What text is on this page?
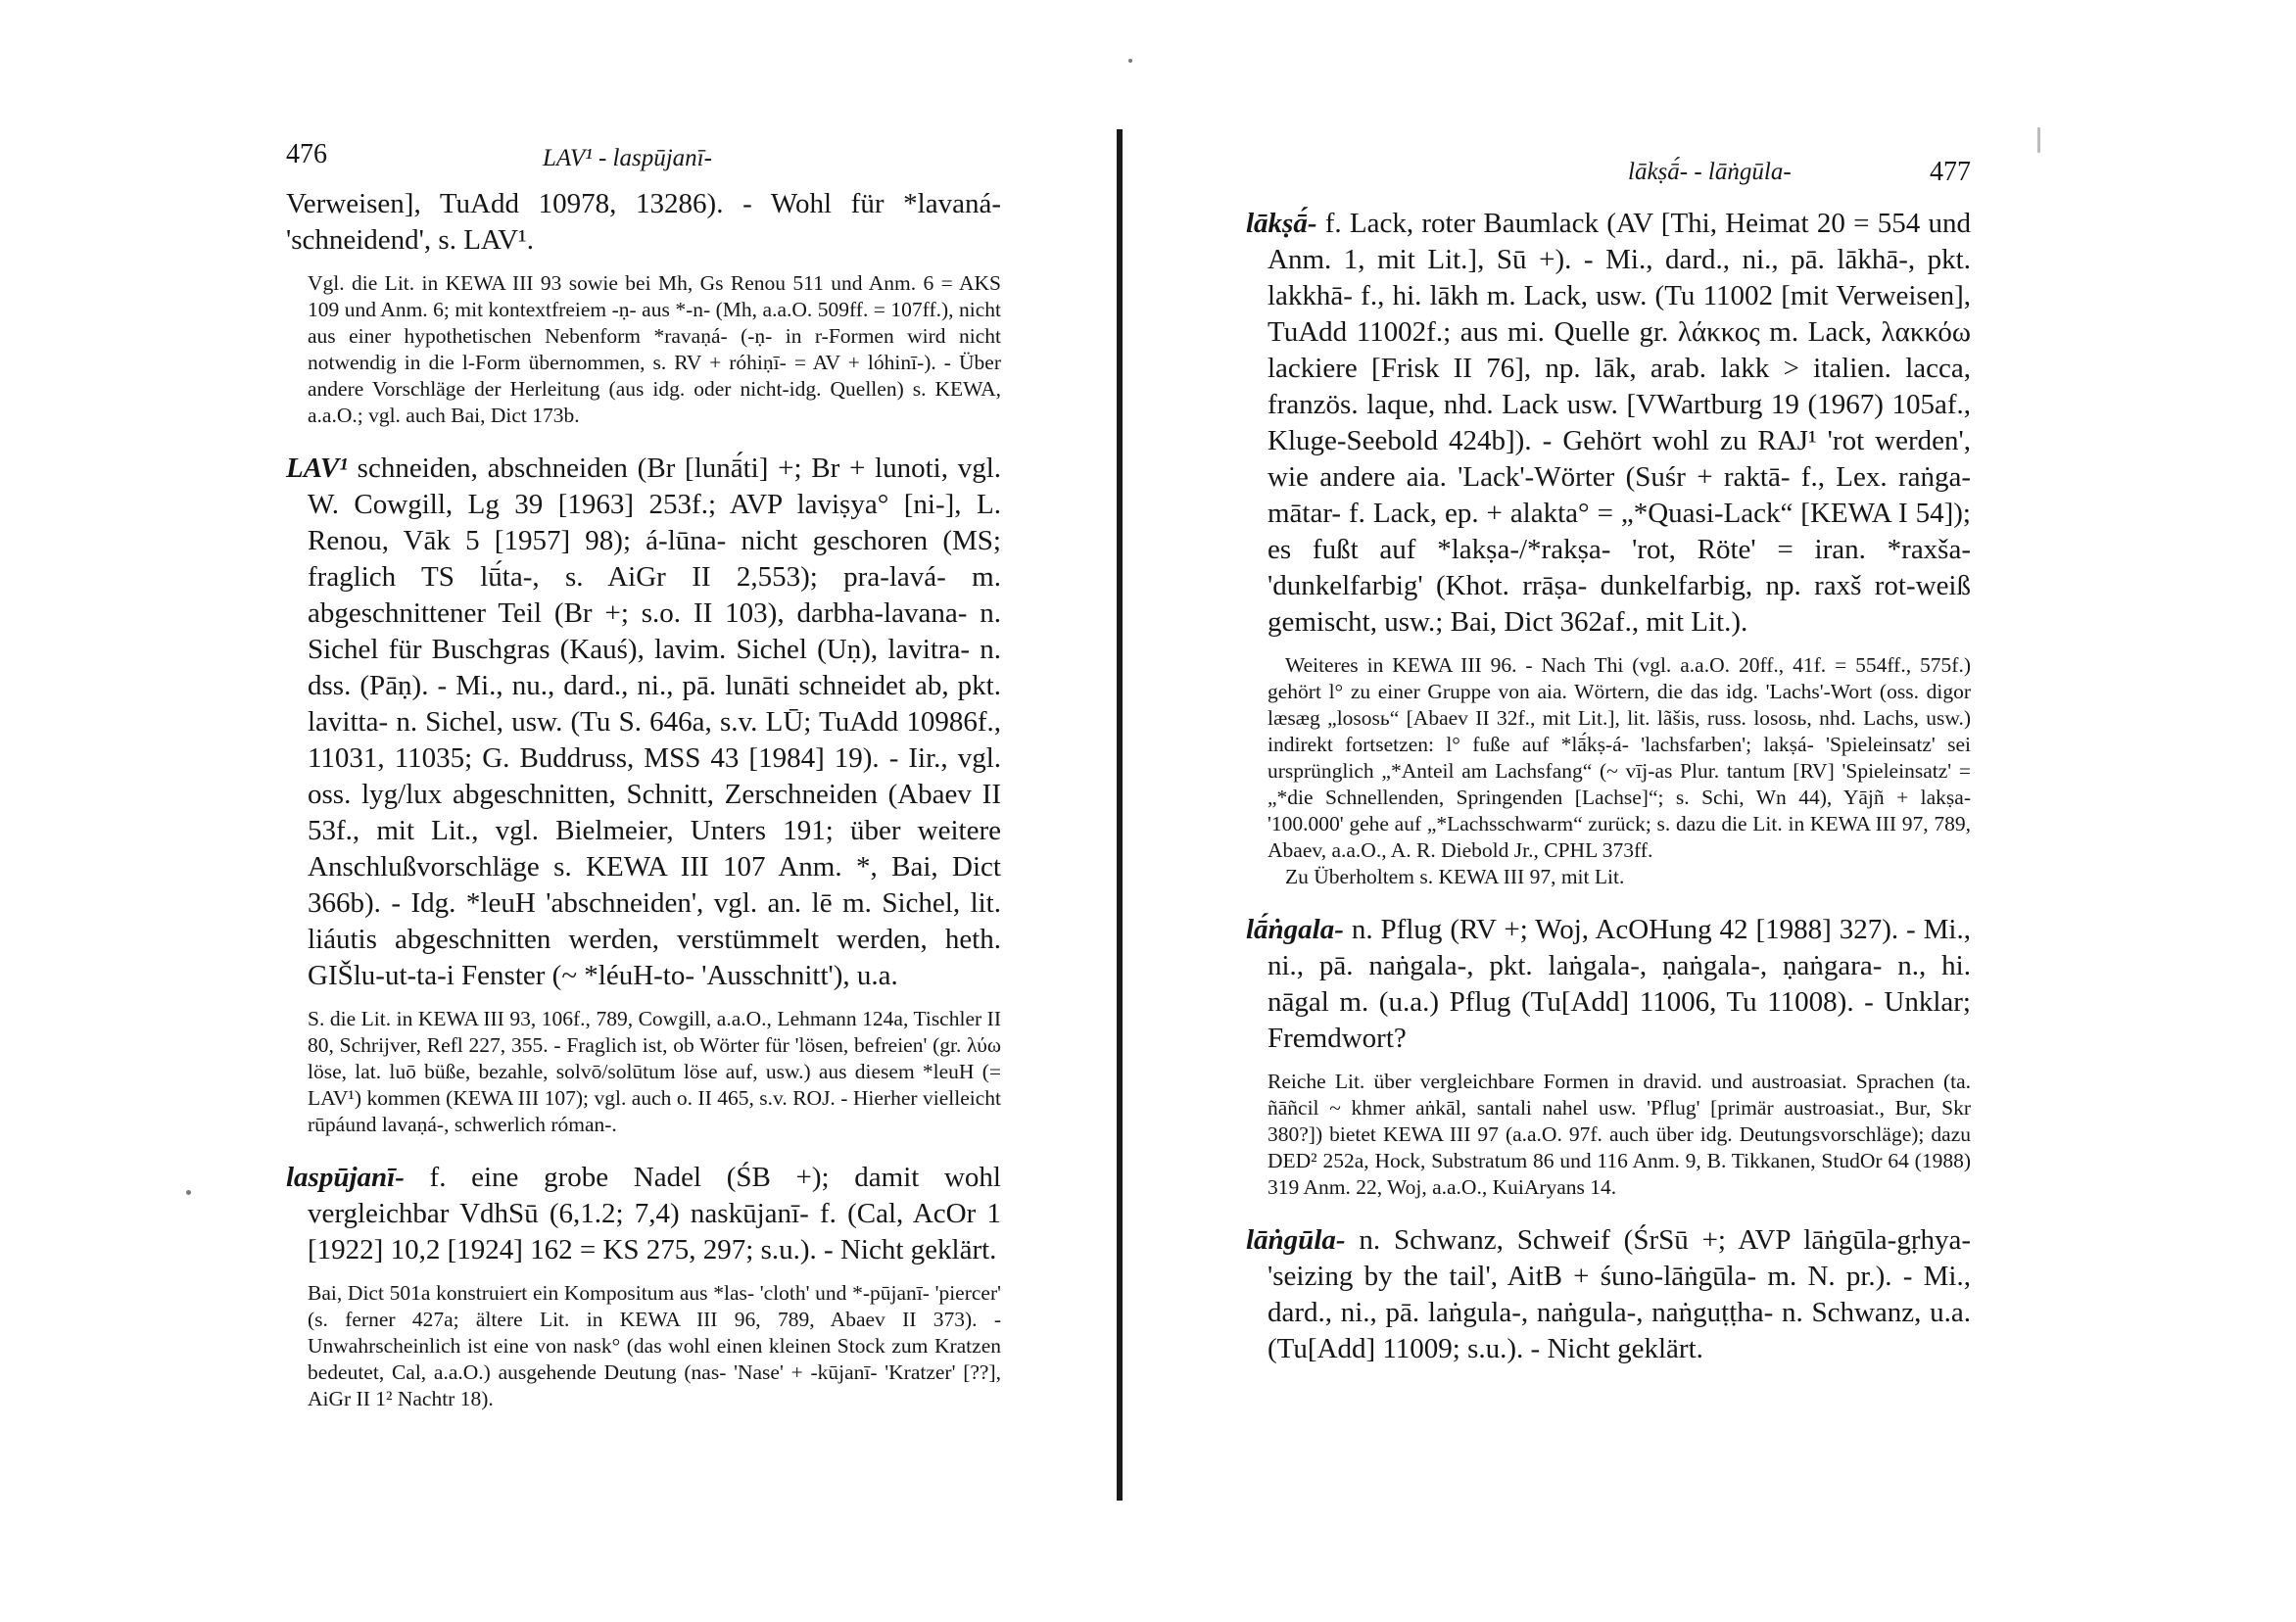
476	LAV¹ - laspūjanī-

Verweisen], TuAdd 10978, 13286). - Wohl für *lavaná- 'schneidend', s. LAV¹.

Vgl. die Lit. in KEWA III 93 sowie bei Mh, Gs Renou 511 und Anm. 6 = AKS 109 und Anm. 6; mit kontextfreiem -ṇ- aus *-n- (Mh, a.a.O. 509ff. = 107ff.), nicht aus einer hypothetischen Nebenform *ravaṇá- (-ṇ- in r-Formen wird nicht notwendig in die l-Form übernommen, s. RV + róhiṇī- = AV + lóhinī-). - Über andere Vorschläge der Herleitung (aus idg. oder nicht-idg. Quellen) s. KEWA, a.a.O.; vgl. auch Bai, Dict 173b.

LAV¹ schneiden, abschneiden (Br [lunā́ti] +; Br + lunoti, vgl. W. Cowgill, Lg 39 [1963] 253f.; AVP laviṣya° [ni-], L. Renou, Vāk 5 [1957] 98); á-lūna- nicht geschoren (MS; fraglich TS lū́ta-, s. AiGr II 2,553); pra-lavá- m. abgeschnittener Teil (Br +; s.o. II 103), darbha-lavana- n. Sichel für Buschgras (Kauś), lavim. Sichel (Uṇ), lavitra- n. dss. (Pāṇ). - Mi., nu., dard., ni., pā. lunāti schneidet ab, pkt. lavitta- n. Sichel, usw. (Tu S. 646a, s.v. LŪ; TuAdd 10986f., 11031, 11035; G. Buddruss, MSS 43 [1984] 19). - Iir., vgl. oss. lyg/lux abgeschnitten, Schnitt, Zerschneiden (Abaev II 53f., mit Lit., vgl. Bielmeier, Unters 191; über weitere Anschlußvorschläge s. KEWA III 107 Anm. *, Bai, Dict 366b). - Idg. *leuH 'abschneiden', vgl. an. lē m. Sichel, lit. liáutis abgeschnitten werden, verstümmelt werden, heth. GIŠlu-ut-ta-i Fenster (~ *léuH-to- 'Ausschnitt'), u.a.

S. die Lit. in KEWA III 93, 106f., 789, Cowgill, a.a.O., Lehmann 124a, Tischler II 80, Schrijver, Refl 227, 355. - Fraglich ist, ob Wörter für 'lösen, befreien' (gr. λύω löse, lat. luō büße, bezahle, solvō/solūtum löse auf, usw.) aus diesem *leuH (= LAV¹) kommen (KEWA III 107); vgl. auch o. II 465, s.v. ROJ. - Hierher vielleicht rūpáund lavaṇá-, schwerlich róman-.

laspūjanī- f. eine grobe Nadel (ŚB +); damit wohl vergleichbar VdhSū (6,1.2; 7,4) naskūjanī- f. (Cal, AcOr 1 [1922] 10,2 [1924] 162 = KS 275, 297; s.u.). - Nicht geklärt.

Bai, Dict 501a konstruiert ein Kompositum aus *las- 'cloth' und *-pūjanī- 'piercer' (s. ferner 427a; ältere Lit. in KEWA III 96, 789, Abaev II 373). - Unwahrscheinlich ist eine von nask° (das wohl einen kleinen Stock zum Kratzen bedeutet, Cal, a.a.O.) ausgehende Deutung (nas- 'Nase' + -kūjanī- 'Kratzer' [??], AiGr II 1² Nachtr 18).

lākṣā́- - lāṅgūla-	477

lākṣā́- f. Lack, roter Baumlack (AV [Thi, Heimat 20 = 554 und Anm. 1, mit Lit.], Sū +). - Mi., dard., ni., pā. lākhā-, pkt. lakkhā- f., hi. lākh m. Lack, usw. (Tu 11002 [mit Verweisen], TuAdd 11002f.; aus mi. Quelle gr. λάκκος m. Lack, λακκόω lackiere [Frisk II 76], np. lāk, arab. lakk > italien. lacca, französ. laque, nhd. Lack usw. [VWartburg 19 (1967) 105af., Kluge-Seebold 424b]). - Gehört wohl zu RAJ¹ 'rot werden', wie andere aia. 'Lack'-Wörter (Suśr + raktā- f., Lex. raṅga-mātar- f. Lack, ep. + alakta° = „*Quasi-Lack“ [KEWA I 54]); es fußt auf *lakṣa-/*rakṣa- 'rot, Röte' = iran. *raxša- 'dunkelfarbig' (Khot. rrāṣa- dunkelfarbig, np. raxš rot-weiß gemischt, usw.; Bai, Dict 362af., mit Lit.).

Weiteres in KEWA III 96. - Nach Thi (vgl. a.a.O. 20ff., 41f. = 554ff., 575f.) gehört l° zu einer Gruppe von aia. Wörtern, die das idg. 'Lachs'-Wort (oss. digor læsæg „lososь“ [Abaev II 32f., mit Lit.], lit. lãšis, russ. lososь, nhd. Lachs, usw.) indirekt fortsetzen: l° fuße auf *lā́kṣ-á- 'lachsfarben'; lakṣá- 'Spieleinsatz' sei ursprünglich „*Anteil am Lachsfang“ (~ vīj-as Plur. tantum [RV] 'Spieleinsatz' = „*die Schnellenden, Springenden [Lachse]“; s. Schi, Wn 44), Yājñ + lakṣa- '100.000' gehe auf „*Lachsschwarm“ zurück; s. dazu die Lit. in KEWA III 97, 789, Abaev, a.a.O., A. R. Diebold Jr., CPHL 373ff.
Zu Überholtem s. KEWA III 97, mit Lit.

lā́ṅgala- n. Pflug (RV +; Woj, AcOHung 42 [1988] 327). - Mi., ni., pā. naṅgala-, pkt. laṅgala-, ṇaṅgala-, ṇaṅgara- n., hi. nāgal m. (u.a.) Pflug (Tu[Add] 11006, Tu 11008). - Unklar; Fremdwort?

Reiche Lit. über vergleichbare Formen in dravid. und austroasiat. Sprachen (ta. ñāñcil ~ khmer aṅkāl, santali nahel usw. 'Pflug' [primär austroasiat., Bur, Skr 380?]) bietet KEWA III 97 (a.a.O. 97f. auch über idg. Deutungsvorschläge); dazu DED² 252a, Hock, Substratum 86 und 116 Anm. 9, B. Tikkanen, StudOr 64 (1988) 319 Anm. 22, Woj, a.a.O., KuiAryans 14.

lāṅgūla- n. Schwanz, Schweif (ŚrSū +; AVP lāṅgūla-gṛhya- 'seizing by the tail', AitB + śuno-lāṅgūla- m. N. pr.). - Mi., dard., ni., pā. laṅgula-, naṅgula-, naṅguṭṭha- n. Schwanz, u.a. (Tu[Add] 11009; s.u.). - Nicht geklärt.
